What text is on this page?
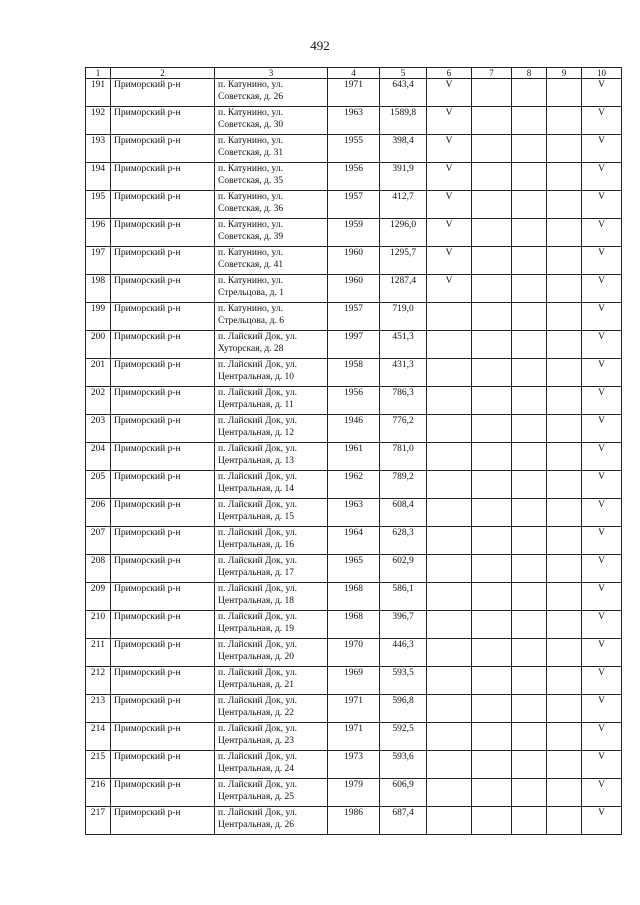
492
1	2	3	4	5	6	7	8	9	10
191	Приморский р-н	п. Катунино, ул. Советская, д. 26	1971	643,4	V				V
192	Приморский р-н	п. Катунино, ул. Советская, д. 30	1963	1589,8	V				V
193	Приморский р-н	п. Катунино, ул. Советская, д. 31	1955	398,4	V				V
194	Приморский р-н	п. Катунино, ул. Советская, д. 35	1956	391,9	V				V
195	Приморский р-н	п. Катунино, ул. Советская, д. 36	1957	412,7	V				V
196	Приморский р-н	п. Катунино, ул. Советская, д. 39	1959	1296,0	V				V
197	Приморский р-н	п. Катунино, ул. Советская, д. 41	1960	1295,7	V				V
198	Приморский р-н	п. Катунино, ул. Стрельцова, д. 1	1960	1287,4	V				V
199	Приморский р-н	п. Катунино, ул. Стрельцова, д. 6	1957	719,0					V
200	Приморский р-н	п. Лайский Док, ул. Хуторская, д. 28	1997	451,3					V
201	Приморский р-н	п. Лайский Док, ул. Центральная, д. 10	1958	431,3					V
202	Приморский р-н	п. Лайский Док, ул. Центральная, д. 11	1956	786,3					V
203	Приморский р-н	п. Лайский Док, ул. Центральная, д. 12	1946	776,2					V
204	Приморский р-н	п. Лайский Док, ул. Центральная, д. 13	1961	781,0					V
205	Приморский р-н	п. Лайский Док, ул. Центральная, д. 14	1962	789,2					V
206	Приморский р-н	п. Лайский Док, ул. Центральная, д. 15	1963	608,4					V
207	Приморский р-н	п. Лайский Док, ул. Центральная, д. 16	1964	628,3					V
208	Приморский р-н	п. Лайский Док, ул. Центральная, д. 17	1965	602,9					V
209	Приморский р-н	п. Лайский Док, ул. Центральная, д. 18	1968	586,1					V
210	Приморский р-н	п. Лайский Док, ул. Центральная, д. 19	1968	396,7					V
211	Приморский р-н	п. Лайский Док, ул. Центральная, д. 20	1970	446,3					V
212	Приморский р-н	п. Лайский Док, ул. Центральная, д. 21	1969	593,5					V
213	Приморский р-н	п. Лайский Док, ул. Центральная, д. 22	1971	596,8					V
214	Приморский р-н	п. Лайский Док, ул. Центральная, д. 23	1971	592,5					V
215	Приморский р-н	п. Лайский Док, ул. Центральная, д. 24	1973	593,6					V
216	Приморский р-н	п. Лайский Док, ул. Центральная, д. 25	1979	606,9					V
217	Приморский р-н	п. Лайский Док, ул. Центральная, д. 26	1986	687,4					V
